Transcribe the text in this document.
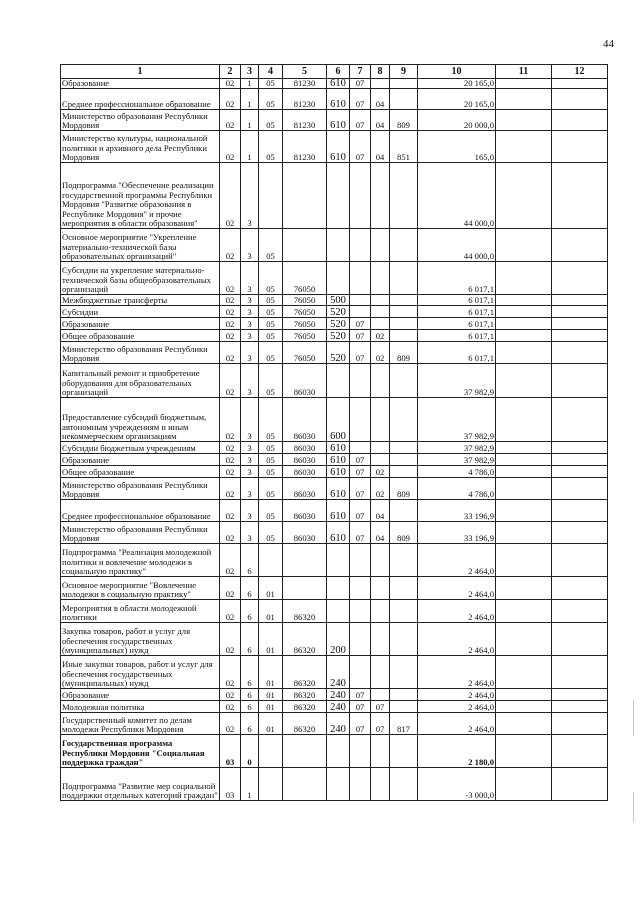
44
1	2	3	4	5	6	7	8	9	10	11	12
Образование	02	1	05	81230	610	07			20 165,0		
Среднее профессиональное образование	02	1	05	81230	610	07	04		20 165,0		
Министерство образования Республики Мордовия	02	1	05	81230	610	07	04	809	20 000,0		
Министерство культуры, национальной политики и архивного дела Республики Мордовия	02	1	05	81230	610	07	04	851	165,0		
Подпрограмма "Обеспечение реализации государственной программы Республики Мордовия "Развитие образования в Республике Мордовия" и прочие мероприятия в области образования"	02	3							44 000,0		
Основное мероприятие "Укрепление материально-технической базы образовательных организаций"	02	3	05						44 000,0		
Субсидии на укрепление материально-технической базы общеобразовательных организаций	02	3	05	76050					6 017,1		
Межбюджетные трансферты	02	3	05	76050	500				6 017,1		
Субсидии	02	3	05	76050	520				6 017,1		
Образование	02	3	05	76050	520	07			6 017,1		
Общее образование	02	3	05	76050	520	07	02		6 017,1		
Министерство образования Республики Мордовия	02	3	05	76050	520	07	02	809	6 017,1		
Капитальный ремонт и приобретение оборудования для образовательных организаций	02	3	05	86030					37 982,9		
Предоставление субсидий бюджетным, автономным учреждениям и иным некоммерческим организациям	02	3	05	86030	600				37 982,9		
Субсидии бюджетным учреждениям	02	3	05	86030	610				37 982,9		
Образование	02	3	05	86030	610	07			37 982,9		
Общее образование	02	3	05	86030	610	07	02		4 786,0		
Министерство образования Республики Мордовия	02	3	05	86030	610	07	02	809	4 786,0		
Среднее профессиональное образование	02	3	05	86030	610	07	04		33 196,9		
Министерство образования Республики Мордовия	02	3	05	86030	610	07	04	809	33 196,9		
Подпрограмма "Реализация молодежной политики и вовлечение молодежи в социальную практику"	02	6							2 464,0		
Основное мероприятие "Вовлечение молодежи в социальную практику"	02	6	01						2 464,0		
Мероприятия в области молодежной политики	02	6	01	86320					2 464,0		
Закупка товаров, работ и услуг для обеспечения государственных (муниципальных) нужд	02	6	01	86320	200				2 464,0		
Иные закупки товаров, работ и услуг для обеспечения государственных (муниципальных) нужд	02	6	01	86320	240				2 464,0		
Образование	02	6	01	86320	240	07			2 464,0		
Молодежная политика	02	6	01	86320	240	07	07		2 464,0		
Государственный комитет по делам молодежи Республики Мордовия	02	6	01	86320	240	07	07	817	2 464,0		
Государственная программа Республики Мордовия "Социальная поддержка граждан"	03	0							2 180,0		
Подпрограмма "Развитие мер социальной поддержки отдельных категорий граждан"	03	1							-3 000,0		
